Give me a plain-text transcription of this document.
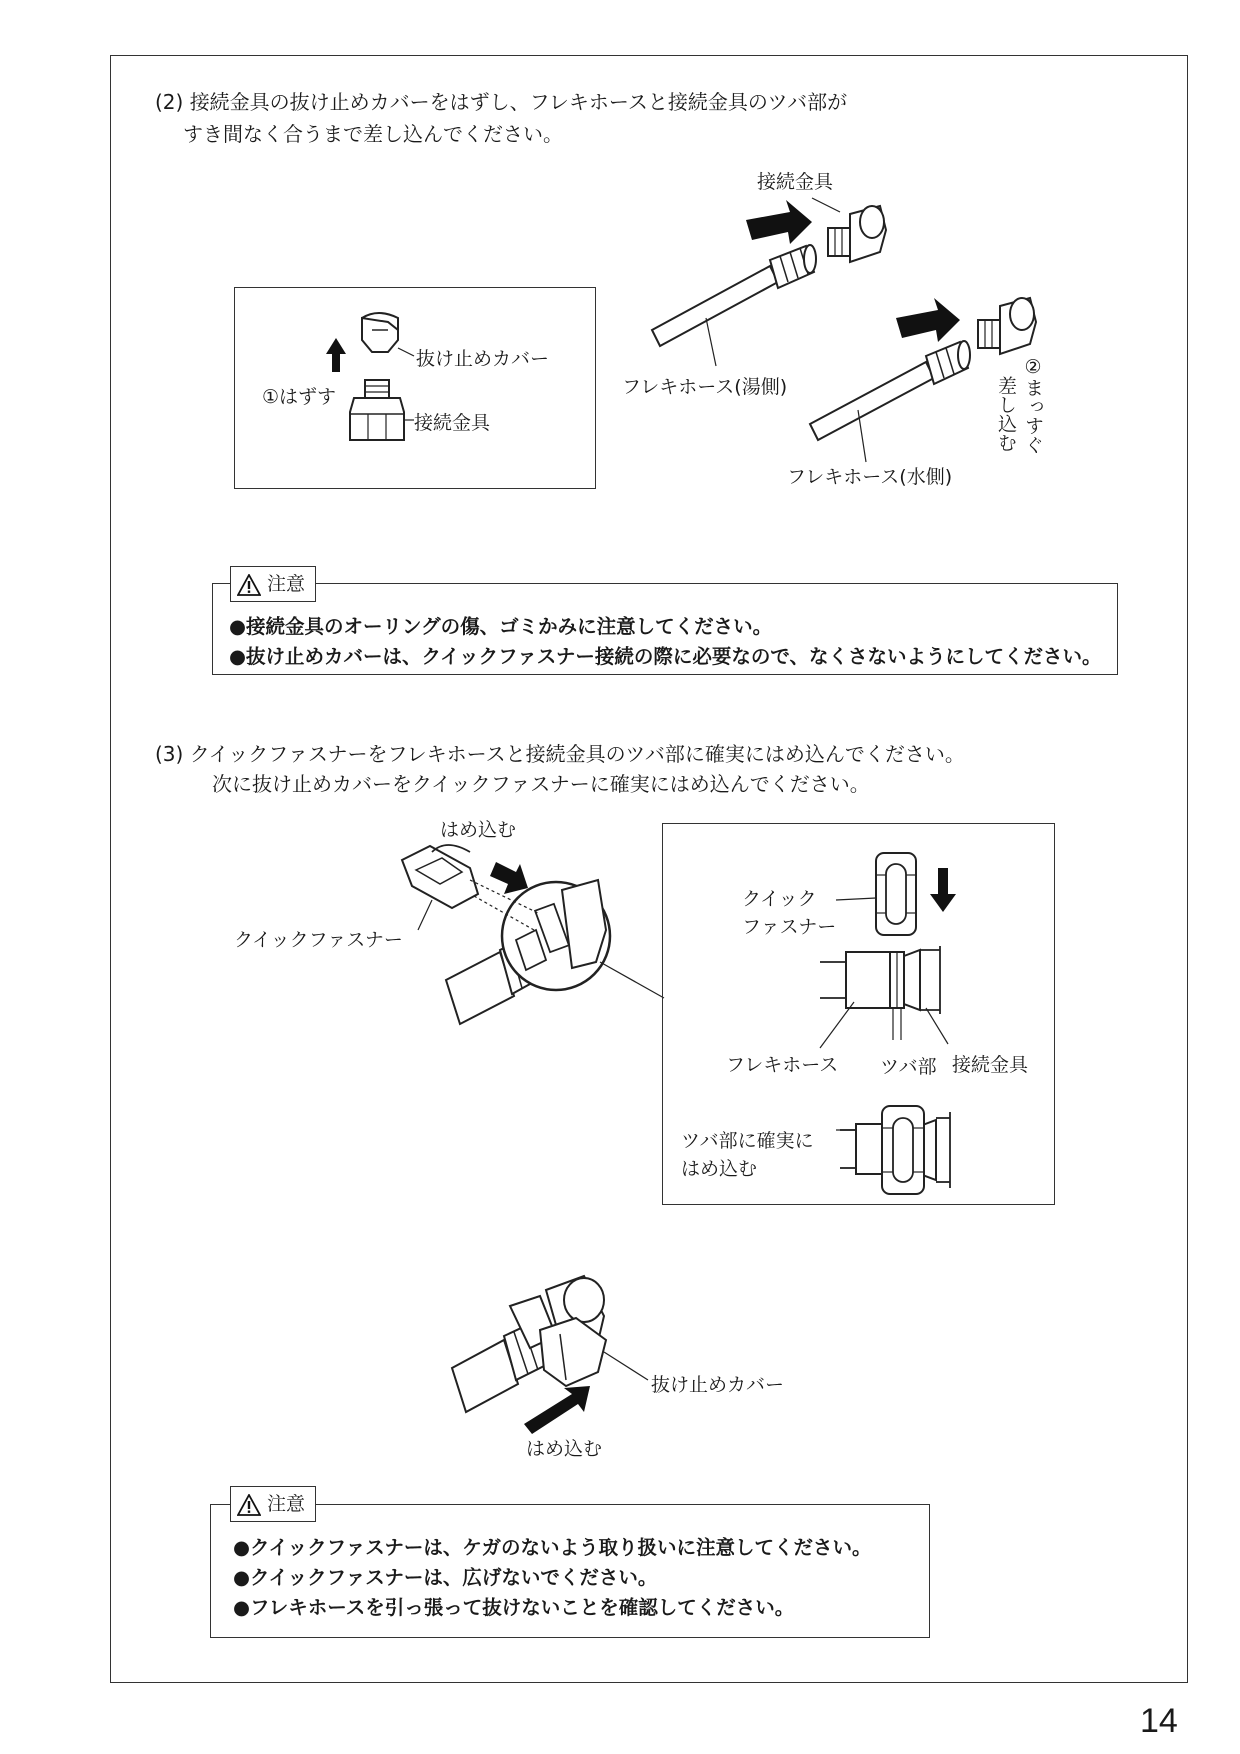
(2) 接続金具の抜け止めカバーをはずし、フレキホースと接続金具のツバ部が
すき間なく合うまで差し込んでください。
抜け止めカバー
①はずす
接続金具
接続金具
フレキホース(湯側)
フレキホース(水側)
②まっすぐ
差し込む
●接続金具のオーリングの傷、ゴミかみに注意してください。
●抜け止めカバーは、クイックファスナー接続の際に必要なので、なくさないようにしてください。
注意
(3) クイックファスナーをフレキホースと接続金具のツバ部に確実にはめ込んでください。
次に抜け止めカバーをクイックファスナーに確実にはめ込んでください。
はめ込む
クイックファスナー
クイック
ファスナー
フレキホース ツバ部 接続金具
ツバ部に確実に
はめ込む
抜け止めカバー
はめ込む
●クイックファスナーは、ケガのないよう取り扱いに注意してください。
●クイックファスナーは、広げないでください。
●フレキホースを引っ張って抜けないことを確認してください。
注意
14
